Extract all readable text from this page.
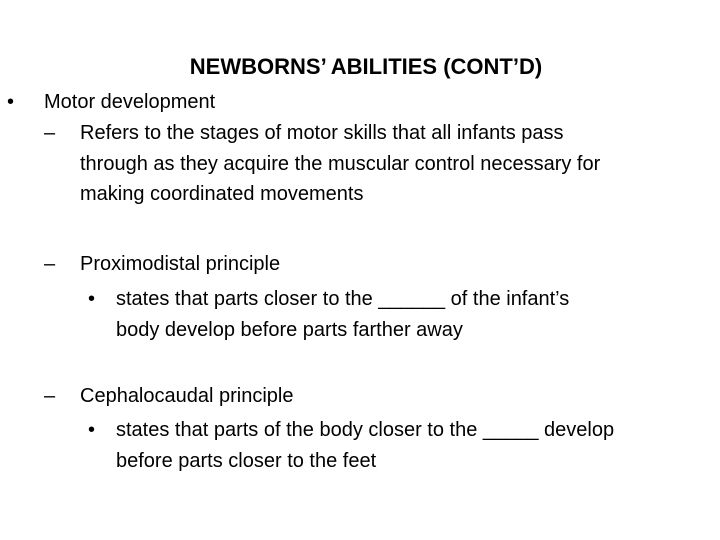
NEWBORNS’ ABILITIES (CONT’D)
• Motor development
– Refers to the stages of motor skills that all infants pass
through as they acquire the muscular control necessary for
making coordinated movements
– Proximodistal principle
• states that parts closer to the ______ of the infant’s
body develop before parts farther away
– Cephalocaudal principle
• states that parts of the body closer to the _____ develop
before parts closer to the feet
